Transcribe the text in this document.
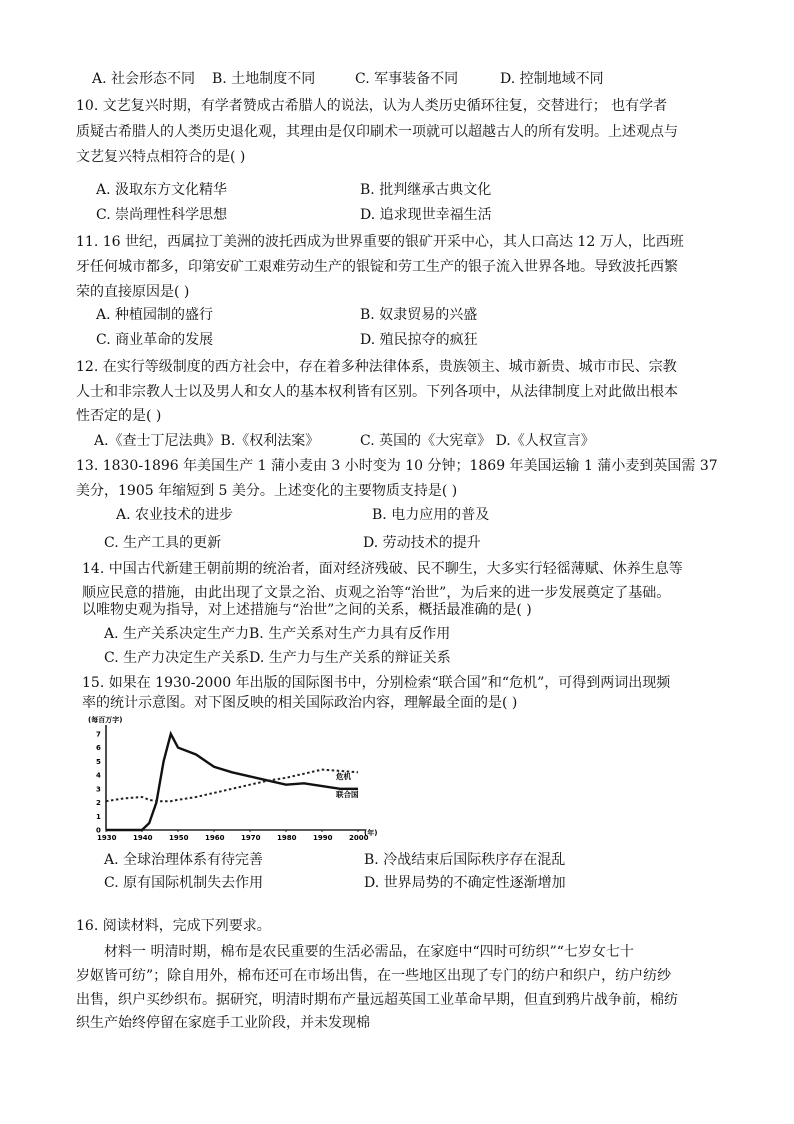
A. 社会形态不同 B. 土地制度不同	C. 军事装备不同	D. 控制地域不同
10. 文艺复兴时期，有学者赞成古希腊人的说法，认为人类历史循环往复，交替进行； 也有学者
质疑古希腊人的人类历史退化观，其理由是仅印刷术一项就可以超越古人的所有发明。上述观点与
文艺复兴特点相符合的是( )
A. 汲取东方文化精华	B. 批判继承古典文化
C. 崇尚理性科学思想	D. 追求现世幸福生活
11. 16 世纪，西属拉丁美洲的波托西成为世界重要的银矿开采中心，其人口高达 12 万人，比西班
牙任何城市都多，印第安矿工艰难劳动生产的银锭和劳工生产的银子流入世界各地。导致波托西繁
荣的直接原因是( )
A. 种植园制的盛行	B. 奴隶贸易的兴盛
C. 商业革命的发展	D. 殖民掠夺的疯狂
12. 在实行等级制度的西方社会中，存在着多种法律体系，贵族领主、城市新贵、城市市民、宗教
人士和非宗教人士以及男人和女人的基本权利皆有区别。下列各项中，从法律制度上对此做出根本
性否定的是( )
A.《查士丁尼法典》B.《权利法案》	C. 英国的《大宪章》 D.《人权宣言》
13. 1830-1896 年美国生产 1 蒲小麦由 3 小时变为 10 分钟；1869 年美国运输 1 蒲小麦到英国需 37
美分，1905 年缩短到 5 美分。上述变化的主要物质支持是( )
A. 农业技术的进步	B. 电力应用的普及
C. 生产工具的更新	D. 劳动技术的提升
14. 中国古代新建王朝前期的统治者，面对经济残破、民不聊生，大多实行轻徭薄赋、休养生息等
顺应民意的措施，由此出现了文景之治、贞观之治等“治世”，为后来的进一步发展奠定了基础。
以唯物史观为指导，对上述措施与“治世”之间的关系，概括最准确的是( )
A. 生产关系决定生产力B. 生产关系对生产力具有反作用
C. 生产力决定生产关系D. 生产力与生产关系的辩证关系
15. 如果在 1930-2000 年出版的国际图书中，分别检索“联合国”和“危机”，可得到两词出现频
率的统计示意图。对下图反映的相关国际政治内容，理解最全面的是( )
(每百万字)
(年)
0
1
2
3
4
5
6
7
1930 1940 1950 1960 1970 1980 1990 2000
危机
联合国
A. 全球治理体系有待完善	B. 冷战结束后国际秩序存在混乱
C. 原有国际机制失去作用	D. 世界局势的不确定性逐渐增加
16. 阅读材料，完成下列要求。
材料一 明清时期，棉布是农民重要的生活必需品，在家庭中“四时可纺织”“七岁女七十
岁妪皆可纺”；除自用外，棉布还可在市场出售，在一些地区出现了专门的纺户和织户，纺户纺纱
出售，织户买纱织布。据研究，明清时期布产量远超英国工业革命早期，但直到鸦片战争前，棉纺
织生产始终停留在家庭手工业阶段，并未发现棉
